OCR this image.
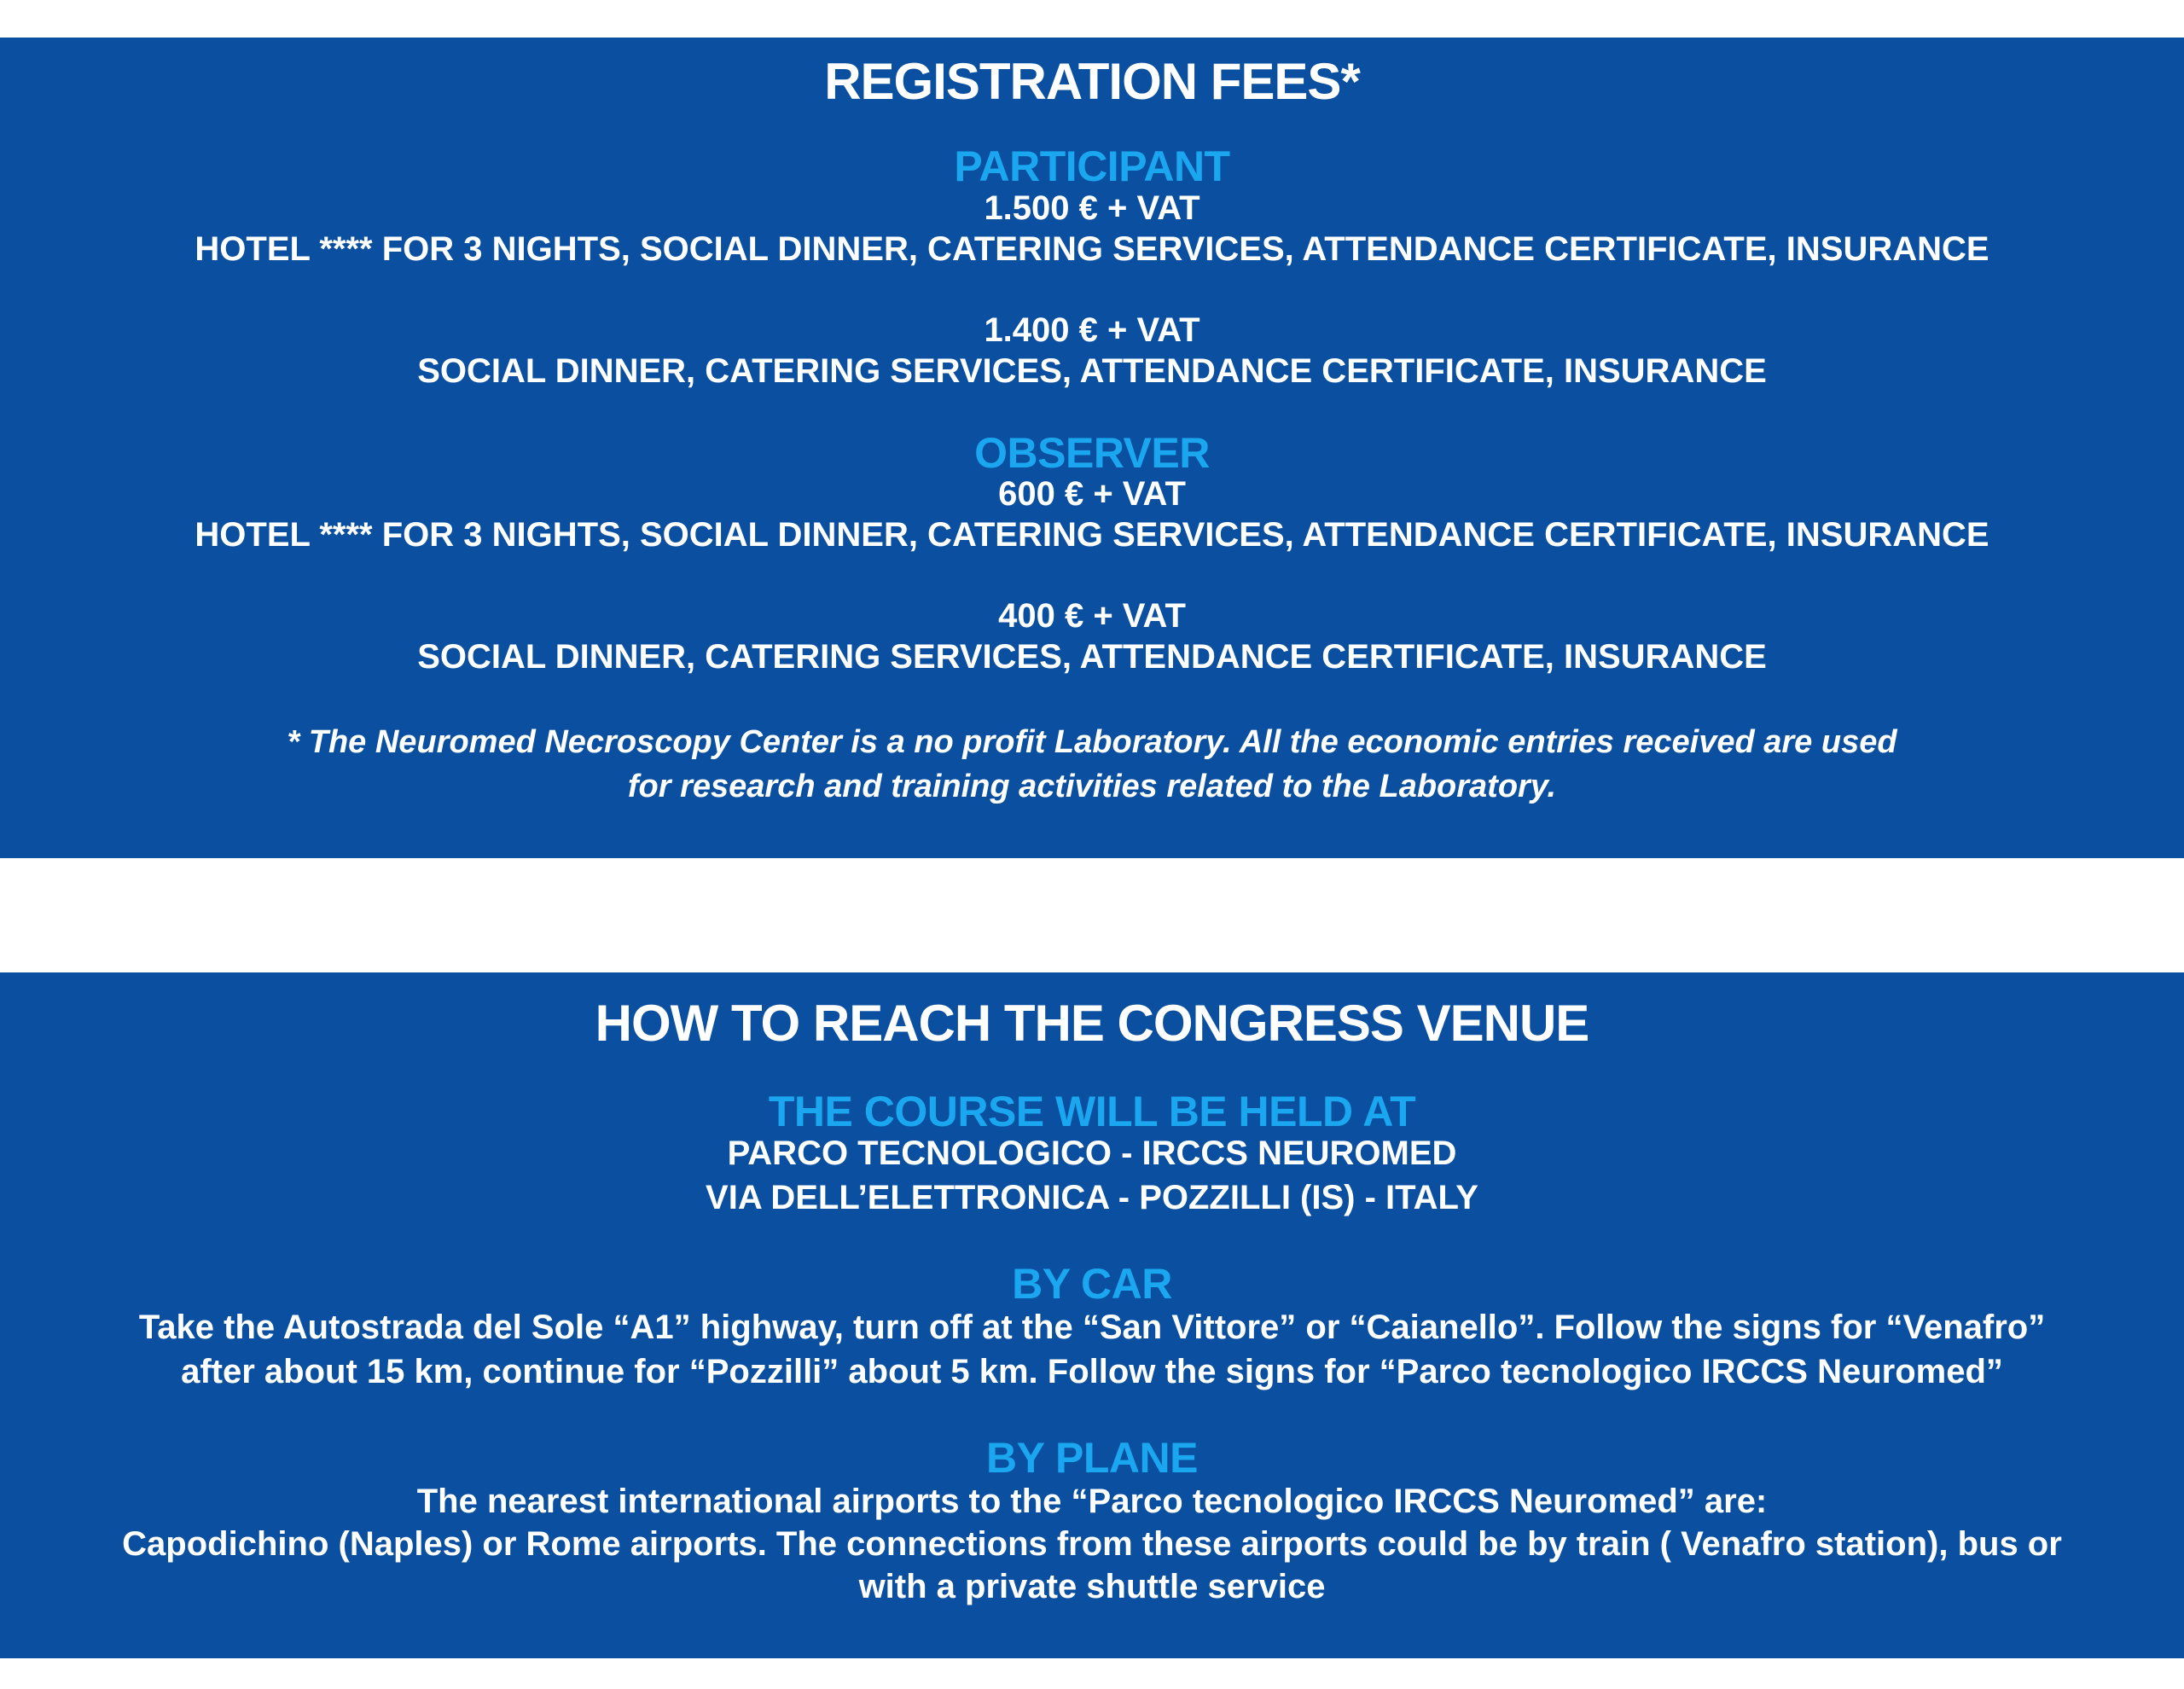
REGISTRATION FEES*
PARTICIPANT

1.500 € + VAT

HOTEL **** FOR 3 NIGHTS, SOCIAL DINNER, CATERING SERVICES, ATTENDANCE CERTIFICATE, INSURANCE

1.400 € + VAT

SOCIAL DINNER, CATERING SERVICES, ATTENDANCE CERTIFICATE, INSURANCE

OBSERVER

600 € + VAT

HOTEL **** FOR 3 NIGHTS, SOCIAL DINNER, CATERING SERVICES, ATTENDANCE CERTIFICATE, INSURANCE

400 € + VAT

SOCIAL DINNER, CATERING SERVICES, ATTENDANCE CERTIFICATE, INSURANCE

* The Neuromed Necroscopy Center is a no profit Laboratory. All the economic entries received are used

for research and training activities related to the Laboratory.

HOW TO REACH THE CONGRESS VENUE
THE COURSE WILL BE HELD AT

PARCO TECNOLOGICO - IRCCS NEUROMED

VIA DELL’ELETTRONICA - POZZILLI (IS) - ITALY

BY CAR

Take the Autostrada del Sole “A1” highway, turn off at the “San Vittore” or “Caianello”. Follow the signs for “Venafro”

after about 15 km, continue for “Pozzilli” about 5 km. Follow the signs for “Parco tecnologico IRCCS Neuromed”

BY PLANE

The nearest international airports to the “Parco tecnologico IRCCS Neuromed” are:

Capodichino (Naples) or Rome airports. The connections from these airports could be by train ( Venafro station), bus or

with a private shuttle service
